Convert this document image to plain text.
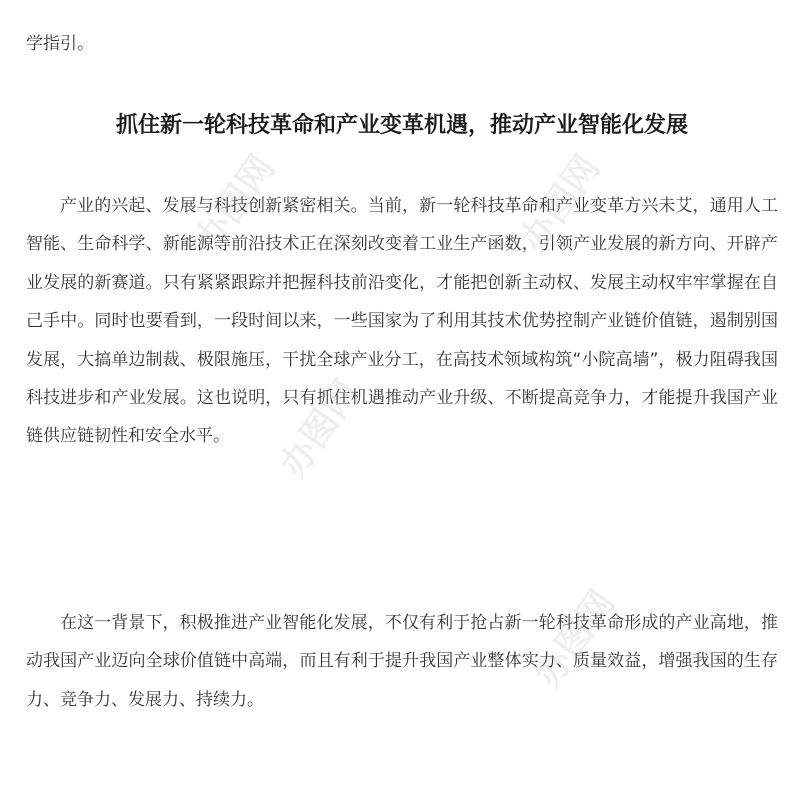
学指引。

抓住新一轮科技革命和产业变革机遇，推动产业智能化发展

产业的兴起、发展与科技创新紧密相关。当前，新一轮科技革命和产业变革方兴未艾，通用人工智能、生命科学、新能源等前沿技术正在深刻改变着工业生产函数，引领产业发展的新方向、开辟产业发展的新赛道。只有紧紧跟踪并把握科技前沿变化，才能把创新主动权、发展主动权牢牢掌握在自己手中。同时也要看到，一段时间以来，一些国家为了利用其技术优势控制产业链价值链，遏制别国发展，大搞单边制裁、极限施压，干扰全球产业分工，在高技术领域构筑“小院高墙”，极力阻碍我国科技进步和产业发展。这也说明，只有抓住机遇推动产业升级、不断提高竞争力，才能提升我国产业链供应链韧性和安全水平。

在这一背景下，积极推进产业智能化发展，不仅有利于抢占新一轮科技革命形成的产业高地，推动我国产业迈向全球价值链中高端，而且有利于提升我国产业整体实力、质量效益，增强我国的生存力、竞争力、发展力、持续力。

办图网	办图网
办图网
办图网
